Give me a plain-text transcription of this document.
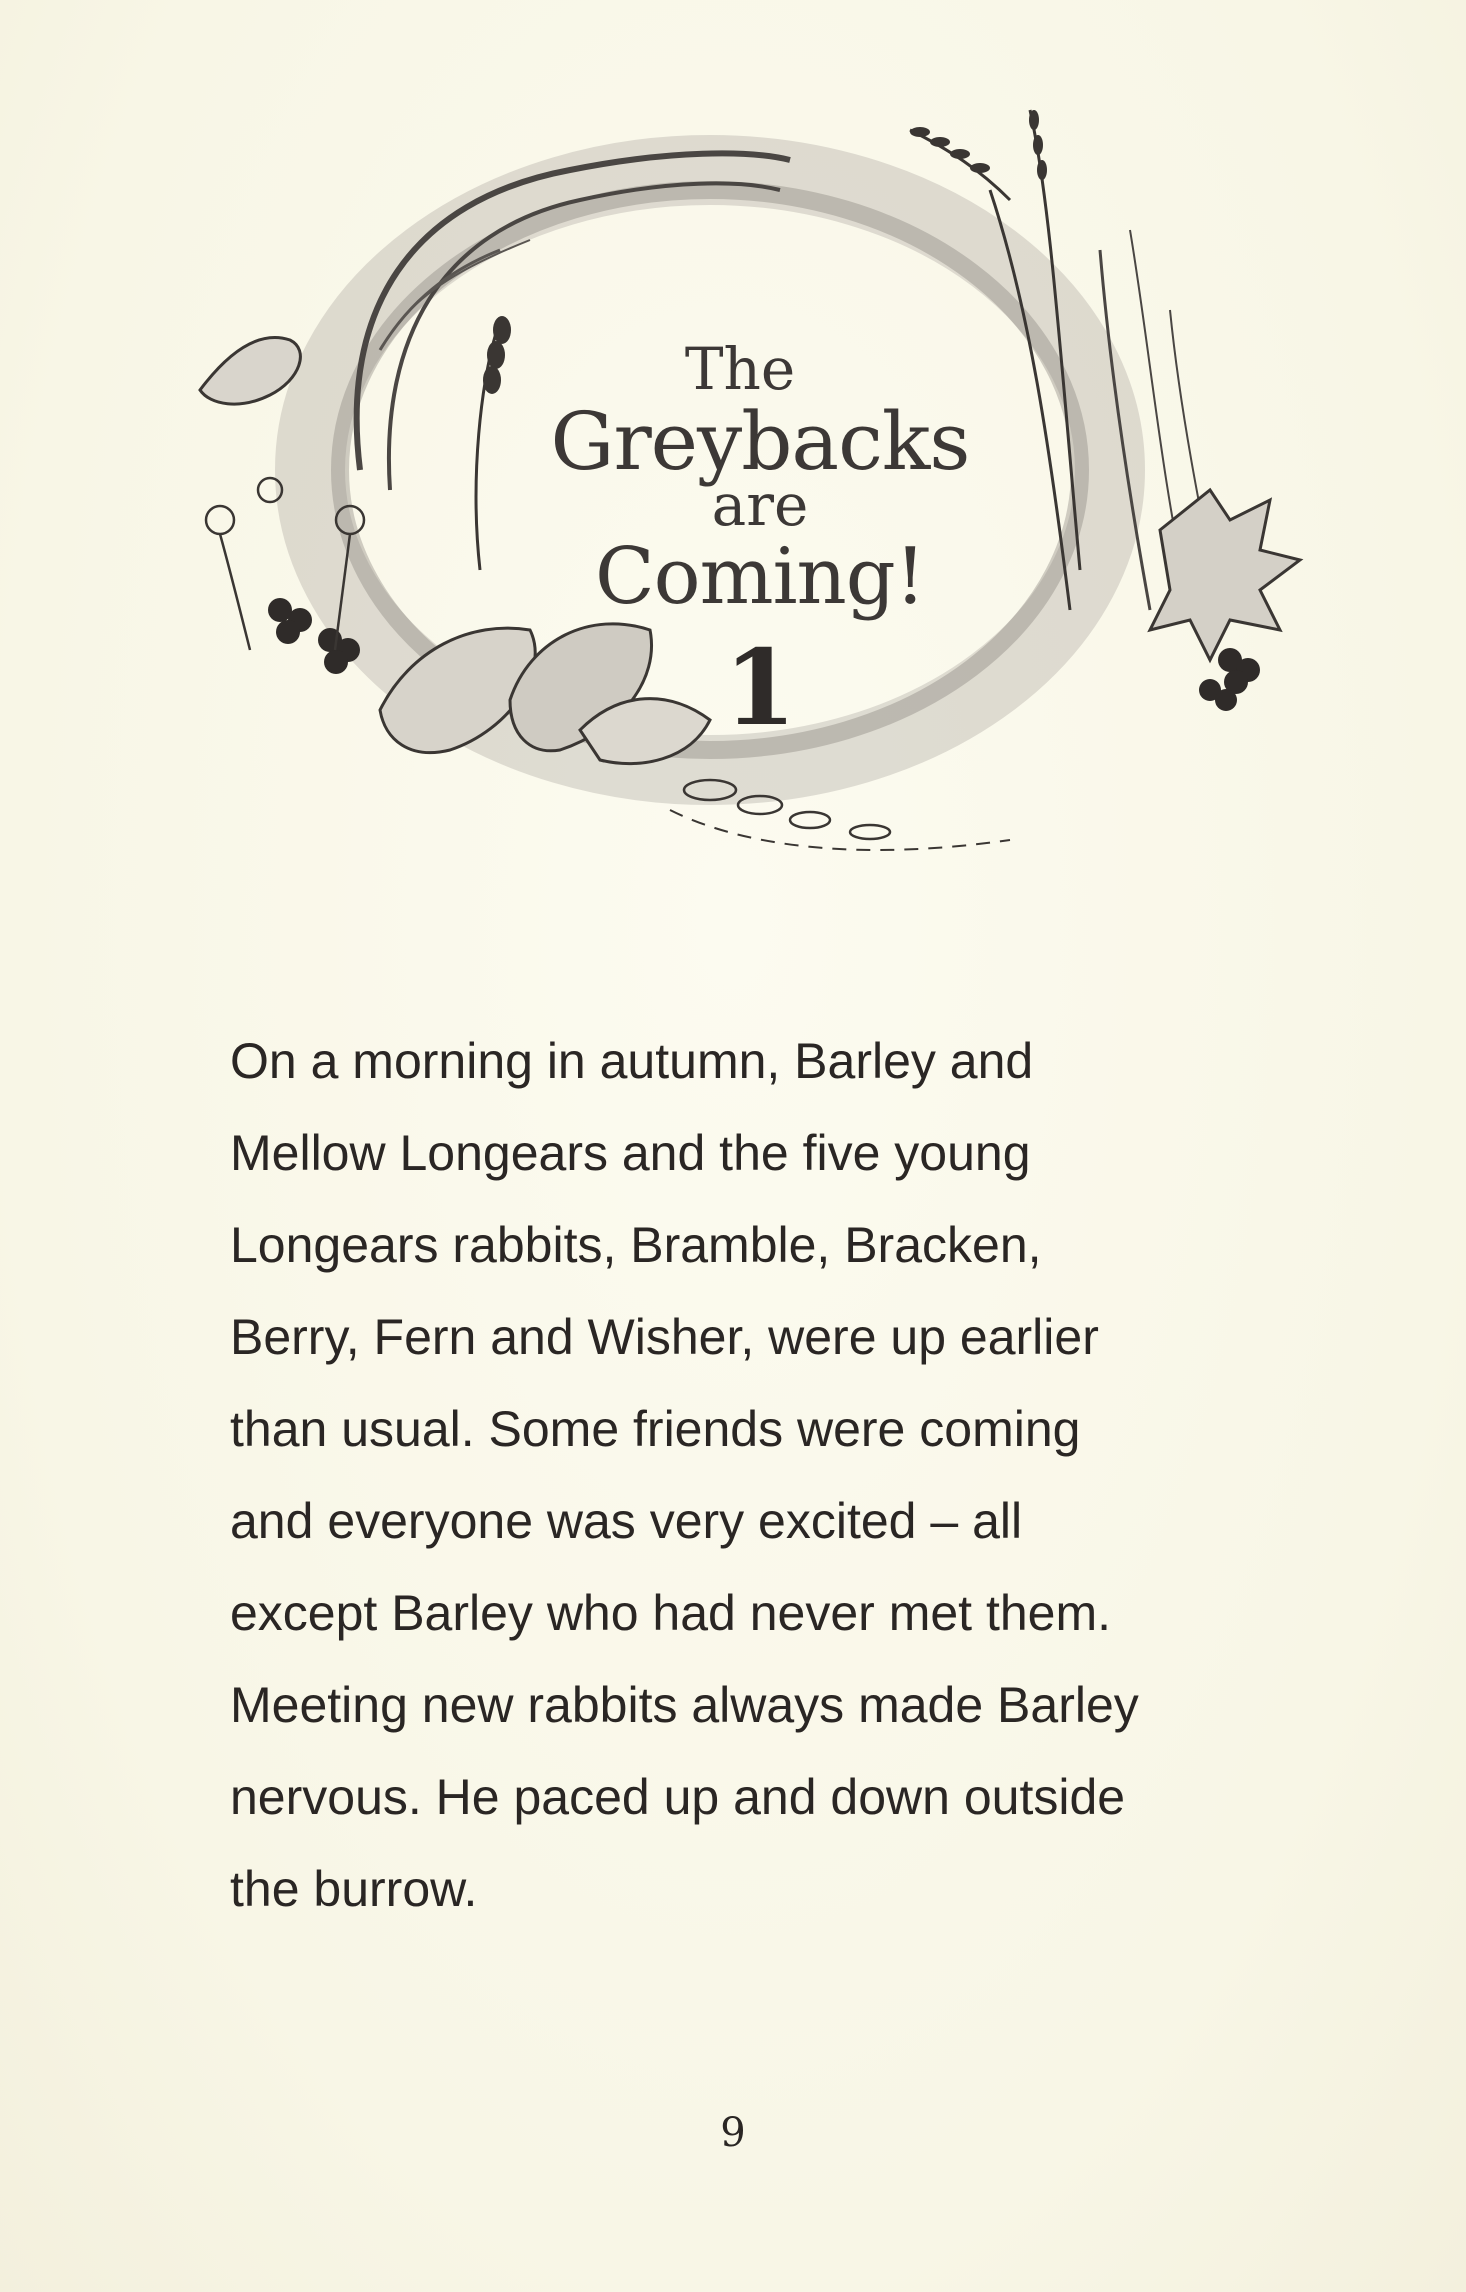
The
Greybacks
are
Coming!
1
On a morning in autumn, Barley and
Mellow Longears and the five young
Longears rabbits, Bramble, Bracken,
Berry, Fern and Wisher, were up earlier
than usual. Some friends were coming
and everyone was very excited – all
except Barley who had never met them.
Meeting new rabbits always made Barley
nervous. He paced up and down outside
the burrow.
9
